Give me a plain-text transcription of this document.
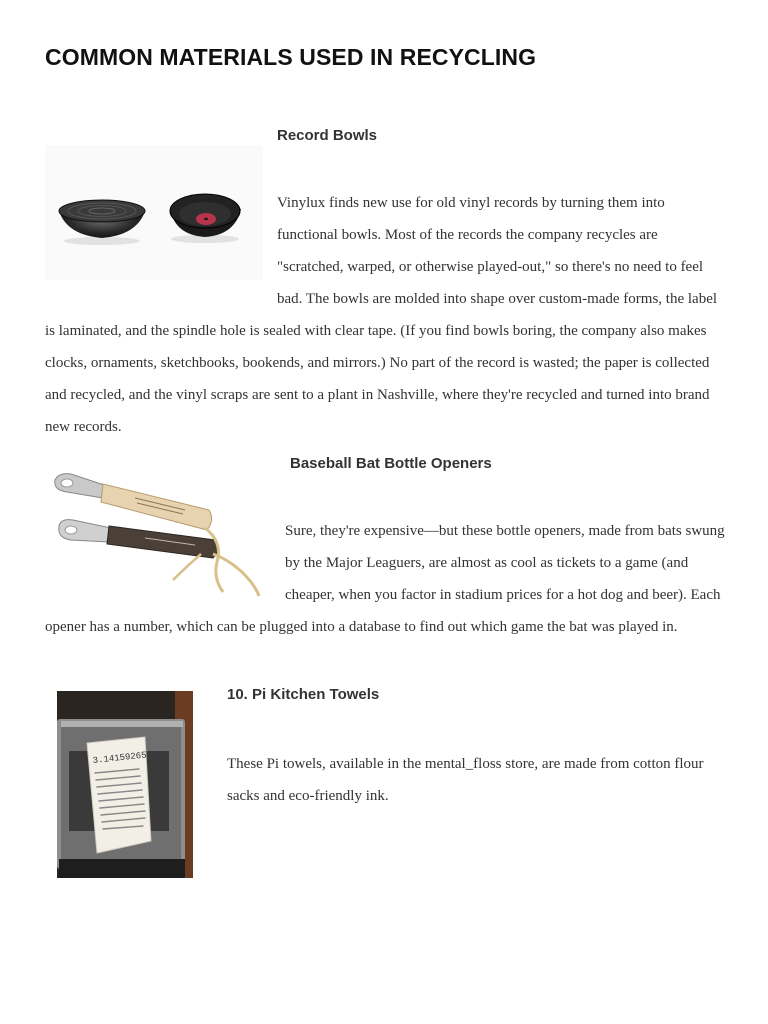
COMMON MATERIALS USED IN RECYCLING
Record Bowls

Vinylux finds new use for old vinyl records by turning them into functional bowls. Most of the records the company recycles are "scratched, warped, or otherwise played-out," so there's no need to feel bad. The bowls are molded into shape over custom-made forms, the label is laminated, and the spindle hole is sealed with clear tape. (If you find bowls boring, the company also makes clocks, ornaments, sketchbooks, bookends, and mirrors.) No part of the record is wasted; the paper is collected and recycled, and the vinyl scraps are sent to a plant in Nashville, where they're recycled and turned into brand new records.

Baseball Bat Bottle Openers

Sure, they're expensive—but these bottle openers, made from bats swung by the Major Leaguers, are almost as cool as tickets to a game (and cheaper, when you factor in stadium prices for a hot dog and beer). Each opener has a number, which can be plugged into a database to find out which game the bat was played in.

10. Pi Kitchen Towels
3.14159265	These Pi towels, available in the mental_floss store, are made from cotton flour sacks and eco-friendly ink.
